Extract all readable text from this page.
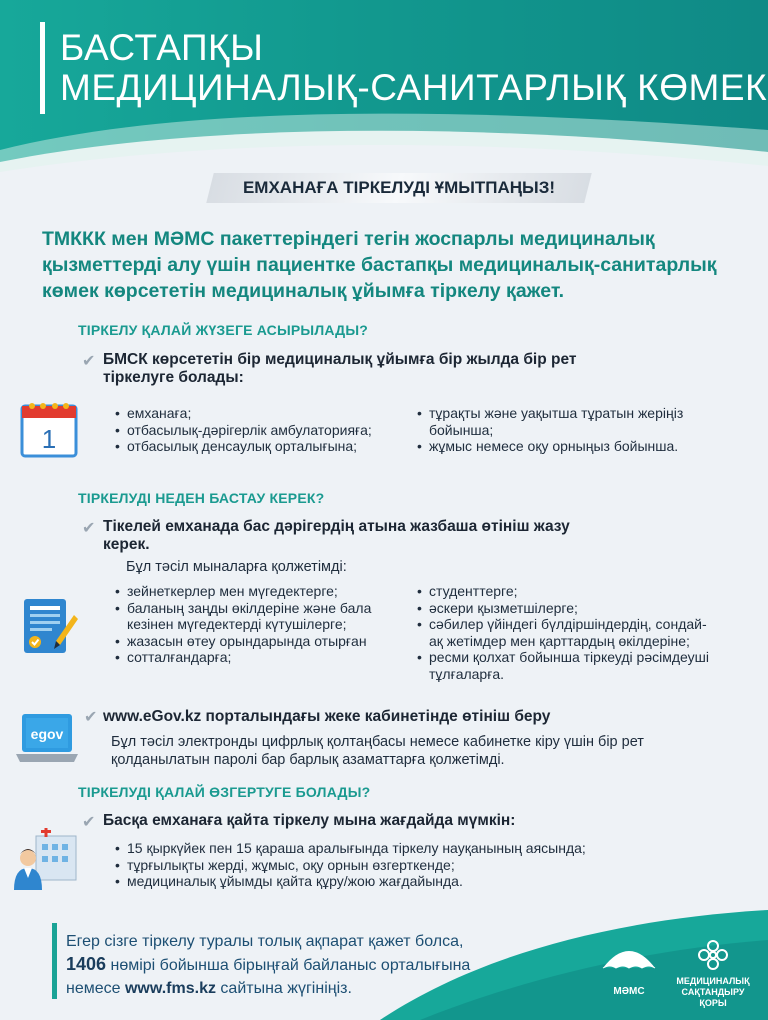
БАСТАПҚЫ
МЕДИЦИНАЛЫҚ-САНИТАРЛЫҚ КӨМЕК
ЕМХАНАҒА ТІРКЕЛУДІ ҰМЫТПАҢЫЗ!
ТМККК мен МӘМС пакеттеріндегі тегін жоспарлы медициналық қызметтерді алу үшін пациентке бастапқы медициналық-санитарлық көмек көрсететін медициналық ұйымға тіркелу қажет.
ТІРКЕЛУ ҚАЛАЙ ЖҮЗЕГЕ АСЫРЫЛАДЫ?
✔ БМСК көрсететін бір медициналық ұйымға бір жылда бір рет тіркелуге болады:
1
• емханаға;
• отбасылық-дәрігерлік амбулаторияға;
• отбасылық денсаулық орталығына;
• тұрақты және уақытша тұратын жеріңіз бойынша;
• жұмыс немесе оқу орныңыз бойынша.
ТІРКЕЛУДІ НЕДЕН БАСТАУ КЕРЕК?
✔ Тікелей емханада бас дәрігердің атына жазбаша өтініш жазу керек.
Бұл тәсіл мыналарға қолжетімді:
• зейнеткерлер мен мүгедектерге;
• баланың заңды өкілдеріне және бала кезінен мүгедектерді күтушілерге;
• жазасын өтеу орындарында отырған
• сотталғандарға;
• студенттерге;
• әскери қызметшілерге;
• сәбилер үйіндегі бүлдіршіндердің, сондай-ақ жетімдер мен қарттардың өкілдеріне;
• ресми қолхат бойынша тіркеуді рәсімдеуші тұлғаларға.
egov
✔ www.eGov.kz порталындағы жеке кабинетінде өтініш беру
Бұл тәсіл электронды цифрлық қолтаңбасы немесе кабинетке кіру үшін бір рет қолданылатын паролі бар барлық азаматтарға қолжетімді.
ТІРКЕЛУДІ ҚАЛАЙ ӨЗГЕРТУГЕ БОЛАДЫ?
✔ Басқа емханаға қайта тіркелу мына жағдайда мүмкін:
• 15 қыркүйек пен 15 қараша аралығында тіркелу науқанының аясында;
• тұрғылықты жерді, жұмыс, оқу орнын өзгерткенде;
• медициналық ұйымды қайта құру/жою жағдайында.
Егер сізге тіркелу туралы толық ақпарат қажет болса,
1406 нөмірі бойынша бірыңғай байланыс орталығына
немесе www.fms.kz сайтына жүгініңіз.	МӘМС
МЕДИЦИНАЛЫҚ
САҚТАНДЫРУ
ҚОРЫ
